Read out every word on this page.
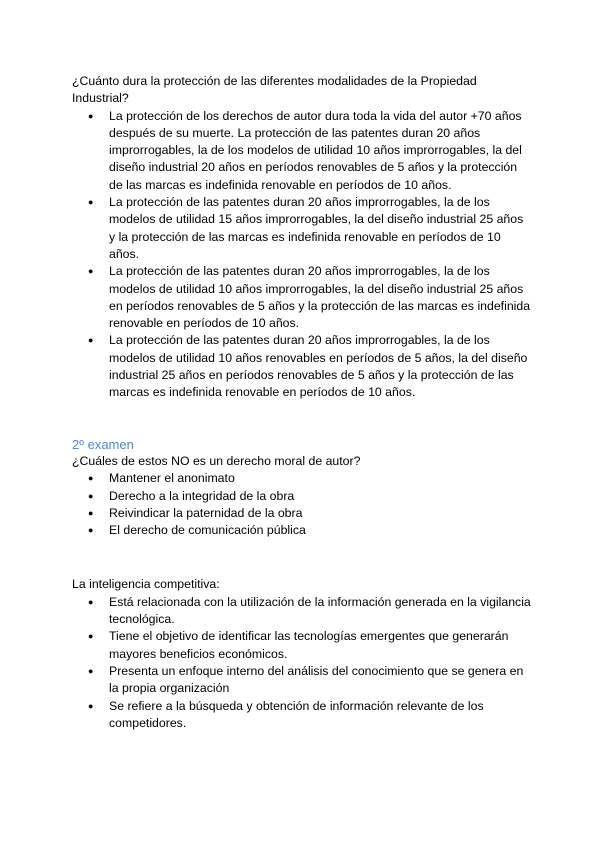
¿Cuánto dura la protección de las diferentes modalidades de la Propiedad Industrial?

● La protección de los derechos de autor dura toda la vida del autor +70 años después de su muerte. La protección de las patentes duran 20 años improrrogables, la de los modelos de utilidad 10 años improrrogables, la del diseño industrial 20 años en períodos renovables de 5 años y la protección de las marcas es indefinida renovable en períodos de 10 años.
● La protección de las patentes duran 20 años improrrogables, la de los modelos de utilidad 15 años improrrogables, la del diseño industrial 25 años y la protección de las marcas es indefinida renovable en períodos de 10 años.
● La protección de las patentes duran 20 años improrrogables, la de los modelos de utilidad 10 años improrrogables, la del diseño industrial 25 años en períodos renovables de 5 años y la protección de las marcas es indefinida renovable en períodos de 10 años.
● La protección de las patentes duran 20 años improrrogables, la de los modelos de utilidad 10 años renovables en períodos de 5 años, la del diseño industrial 25 años en períodos renovables de 5 años y la protección de las marcas es indefinida renovable en períodos de 10 años.

2º examen

¿Cuáles de estos NO es un derecho moral de autor?

● Mantener el anonimato
● Derecho a la integridad de la obra
● Reivindicar la paternidad de la obra
● El derecho de comunicación pública

La inteligencia competitiva:

● Está relacionada con la utilización de la información generada en la vigilancia tecnológica.
● Tiene el objetivo de identificar las tecnologías emergentes que generarán mayores beneficios económicos.
● Presenta un enfoque interno del análisis del conocimiento que se genera en la propia organización
● Se refiere a la búsqueda y obtención de información relevante de los competidores.
